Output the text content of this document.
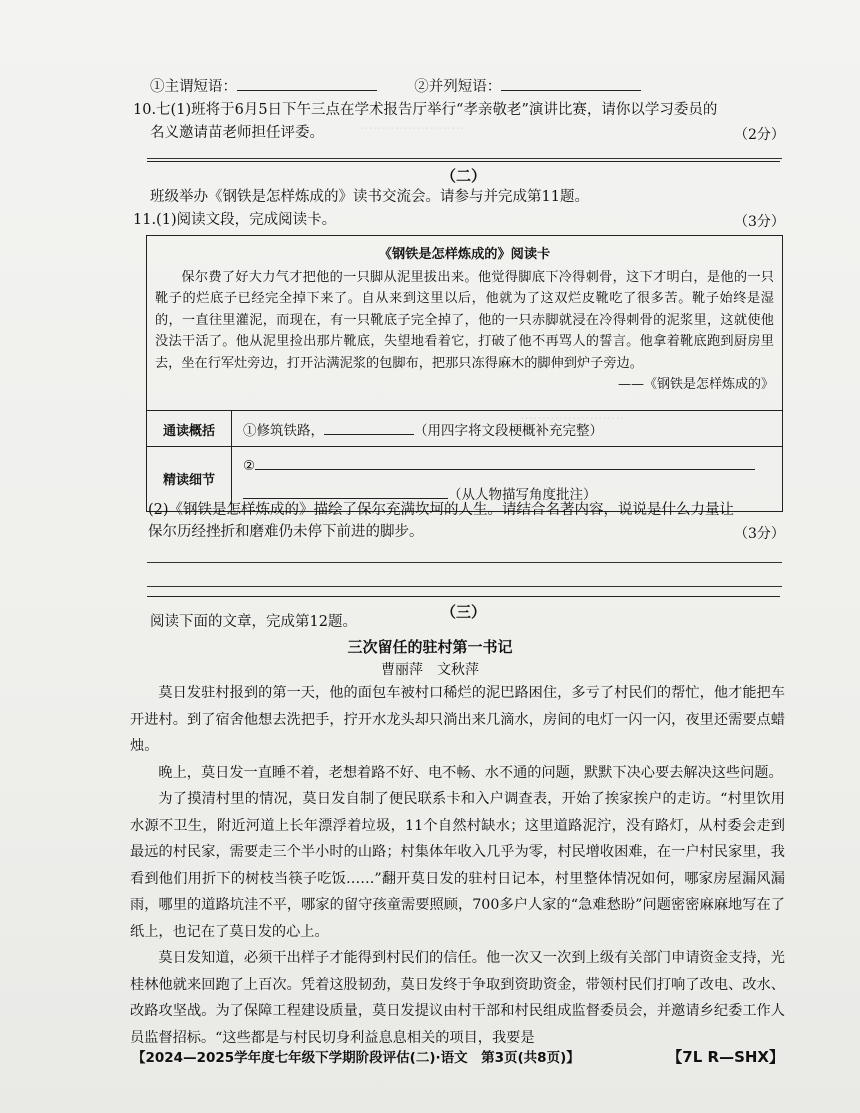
……………………
……………………
①主谓短语：	②并列短语：
10.七(1)班将于6月5日下午三点在学术报告厅举行“孝亲敬老”演讲比赛，请你以学习委员的
名义邀请苗老师担任评委。	（2分）
（二）
班级举办《钢铁是怎样炼成的》读书交流会。请参与并完成第11题。
11.(1)阅读文段，完成阅读卡。	（3分）
《钢铁是怎样炼成的》阅读卡
保尔费了好大力气才把他的一只脚从泥里拔出来。他觉得脚底下冷得刺骨，这下才明白，是他的一只靴子的烂底子已经完全掉下来了。自从来到这里以后，他就为了这双烂皮靴吃了很多苦。靴子始终是湿的，一直往里灌泥，而现在，有一只靴底子完全掉了，他的一只赤脚就浸在冷得刺骨的泥浆里，这就使他没法干活了。他从泥里捡出那片靴底，失望地看着它，打破了他不再骂人的誓言。他拿着靴底跑到厨房里去，坐在行军灶旁边，打开沾满泥浆的包脚布，把那只冻得麻木的脚伸到炉子旁边。
——《钢铁是怎样炼成的》
通读概括	①修筑铁路，	（用四字将文段梗概补充完整）
精读细节
②
（从人物描写角度批注）
(2)《钢铁是怎样炼成的》描绘了保尔充满坎坷的人生。请结合名著内容，说说是什么力量让
保尔历经挫折和磨难仍未停下前进的脚步。	（3分）
（三）
阅读下面的文章，完成第12题。
三次留任的驻村第一书记
曹丽萍　文秋萍

莫日发驻村报到的第一天，他的面包车被村口稀烂的泥巴路困住，多亏了村民们的帮忙，他才能把车开进村。到了宿舍他想去洗把手，拧开水龙头却只淌出来几滴水，房间的电灯一闪一闪，夜里还需要点蜡烛。

晚上，莫日发一直睡不着，老想着路不好、电不畅、水不通的问题，默默下决心要去解决这些问题。

为了摸清村里的情况，莫日发自制了便民联系卡和入户调查表，开始了挨家挨户的走访。“村里饮用水源不卫生，附近河道上长年漂浮着垃圾，11个自然村缺水；这里道路泥泞，没有路灯，从村委会走到最远的村民家，需要走三个半小时的山路；村集体年收入几乎为零，村民增收困难，在一户村民家里，我看到他们用折下的树枝当筷子吃饭……”翻开莫日发的驻村日记本，村里整体情况如何，哪家房屋漏风漏雨，哪里的道路坑洼不平，哪家的留守孩童需要照顾，700多户人家的“急难愁盼”问题密密麻麻地写在了纸上，也记在了莫日发的心上。

莫日发知道，必须干出样子才能得到村民们的信任。他一次又一次到上级有关部门申请资金支持，光桂林他就来回跑了上百次。凭着这股韧劲，莫日发终于争取到资助资金，带领村民们打响了改电、改水、改路攻坚战。为了保障工程建设质量，莫日发提议由村干部和村民组成监督委员会，并邀请乡纪委工作人员监督招标。“这些都是与村民切身利益息息相关的项目，我要是

【2024—2025学年度七年级下学期阶段评估(二)·语文　第3页(共8页)】	【7L R—SHX】
